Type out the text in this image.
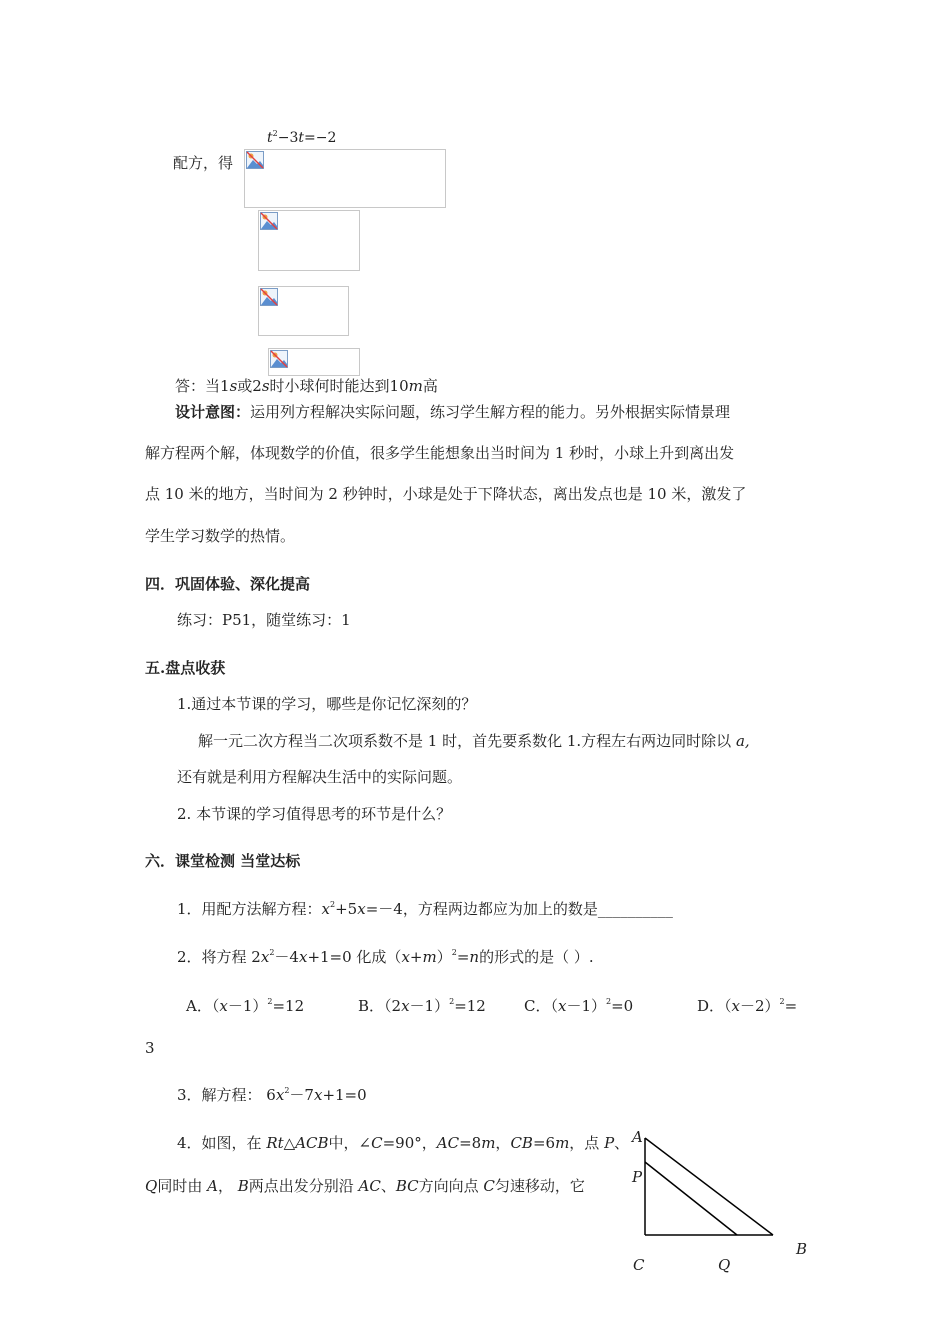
$t^2-3t=-2$
配方，得
答：当1s或2s时小球何时能达到10m高
设计意图：运用列方程解决实际问题，练习学生解方程的能力。另外根据实际情景理
解方程两个解，体现数学的价值，很多学生能想象出当时间为 1 秒时，小球上升到离出发
点 10 米的地方，当时间为 2 秒钟时，小球是处于下降状态，离出发点也是 10 米，激发了
学生学习数学的热情。
四．巩固体验、深化提高
练习：P51，随堂练习：1
五.盘点收获
1.通过本节课的学习，哪些是你记忆深刻的？
解一元二次方程当二次项系数不是 1 时，首先要系数化 1.方程左右两边同时除以 a,
还有就是利用方程解决生活中的实际问题。
2. 本节课的学习值得思考的环节是什么？
六．课堂检测 当堂达标
1．用配方法解方程：$x^2+5x=-4$，方程两边都应为加上的数是__________
2．将方程 $2x^2-4x+1=0$ 化成$(x+m)^2=n$的形式的是（ ）.
A．$(x-1)^2=12$	B．$(2x-1)^2=12$	C．$(x-1)^2=0$	D．$(x-2)^2=$
3
3．解方程： $6x^2-7x+1=0$
4．如图，在 Rt△ACB中，∠C=90°，AC=8m，CB=6m，点 P、
Q同时由 A， B两点出发分别沿 AC、BC方向向点 C匀速移动，它
A
P
B
C	Q
